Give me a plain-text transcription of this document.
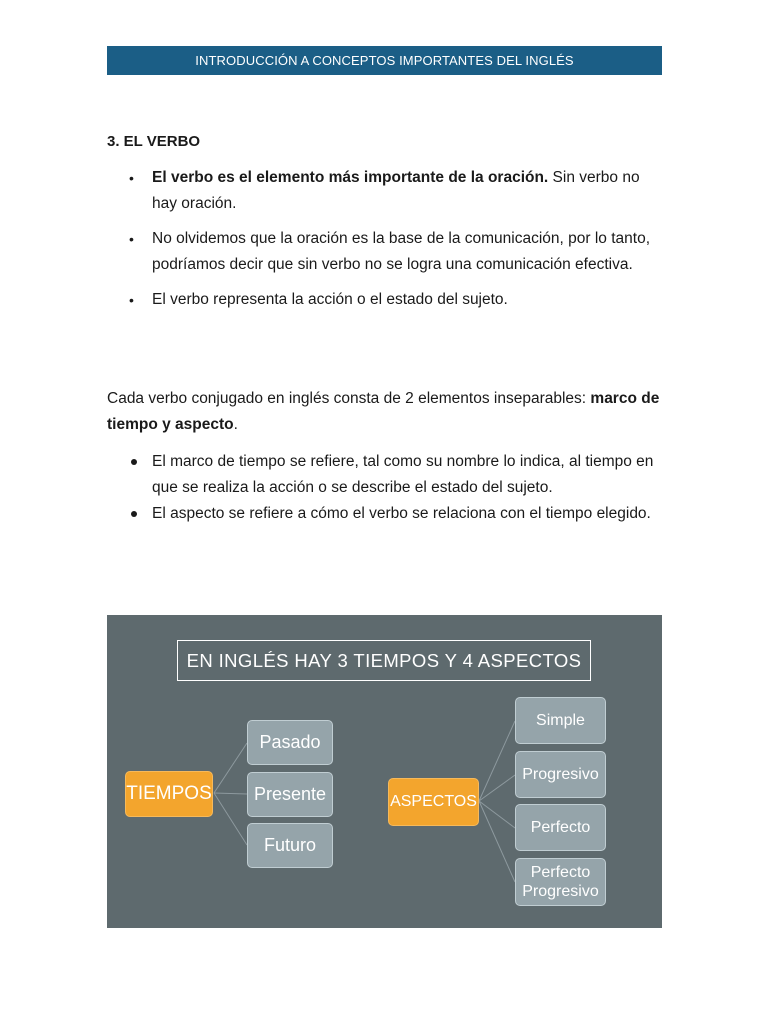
INTRODUCCIÓN A CONCEPTOS IMPORTANTES DEL INGLÉS
3. EL VERBO
• El verbo es el elemento más importante de la oración. Sin verbo no hay oración.
• No olvidemos que la oración es la base de la comunicación, por lo tanto, podríamos decir que sin verbo no se logra una comunicación efectiva.
• El verbo representa la acción o el estado del sujeto.

Cada verbo conjugado en inglés consta de 2 elementos inseparables: marco de tiempo y aspecto.

El marco de tiempo se refiere, tal como su nombre lo indica, al tiempo en que se realiza la acción o se describe el estado del sujeto.
El aspecto se refiere a cómo el verbo se relaciona con el tiempo elegido.
EN INGLÉS HAY 3 TIEMPOS Y 4 ASPECTOS
TIEMPOS
Pasado
Presente
Futuro
ASPECTOS
Simple
Progresivo
Perfecto
Perfecto Progresivo
